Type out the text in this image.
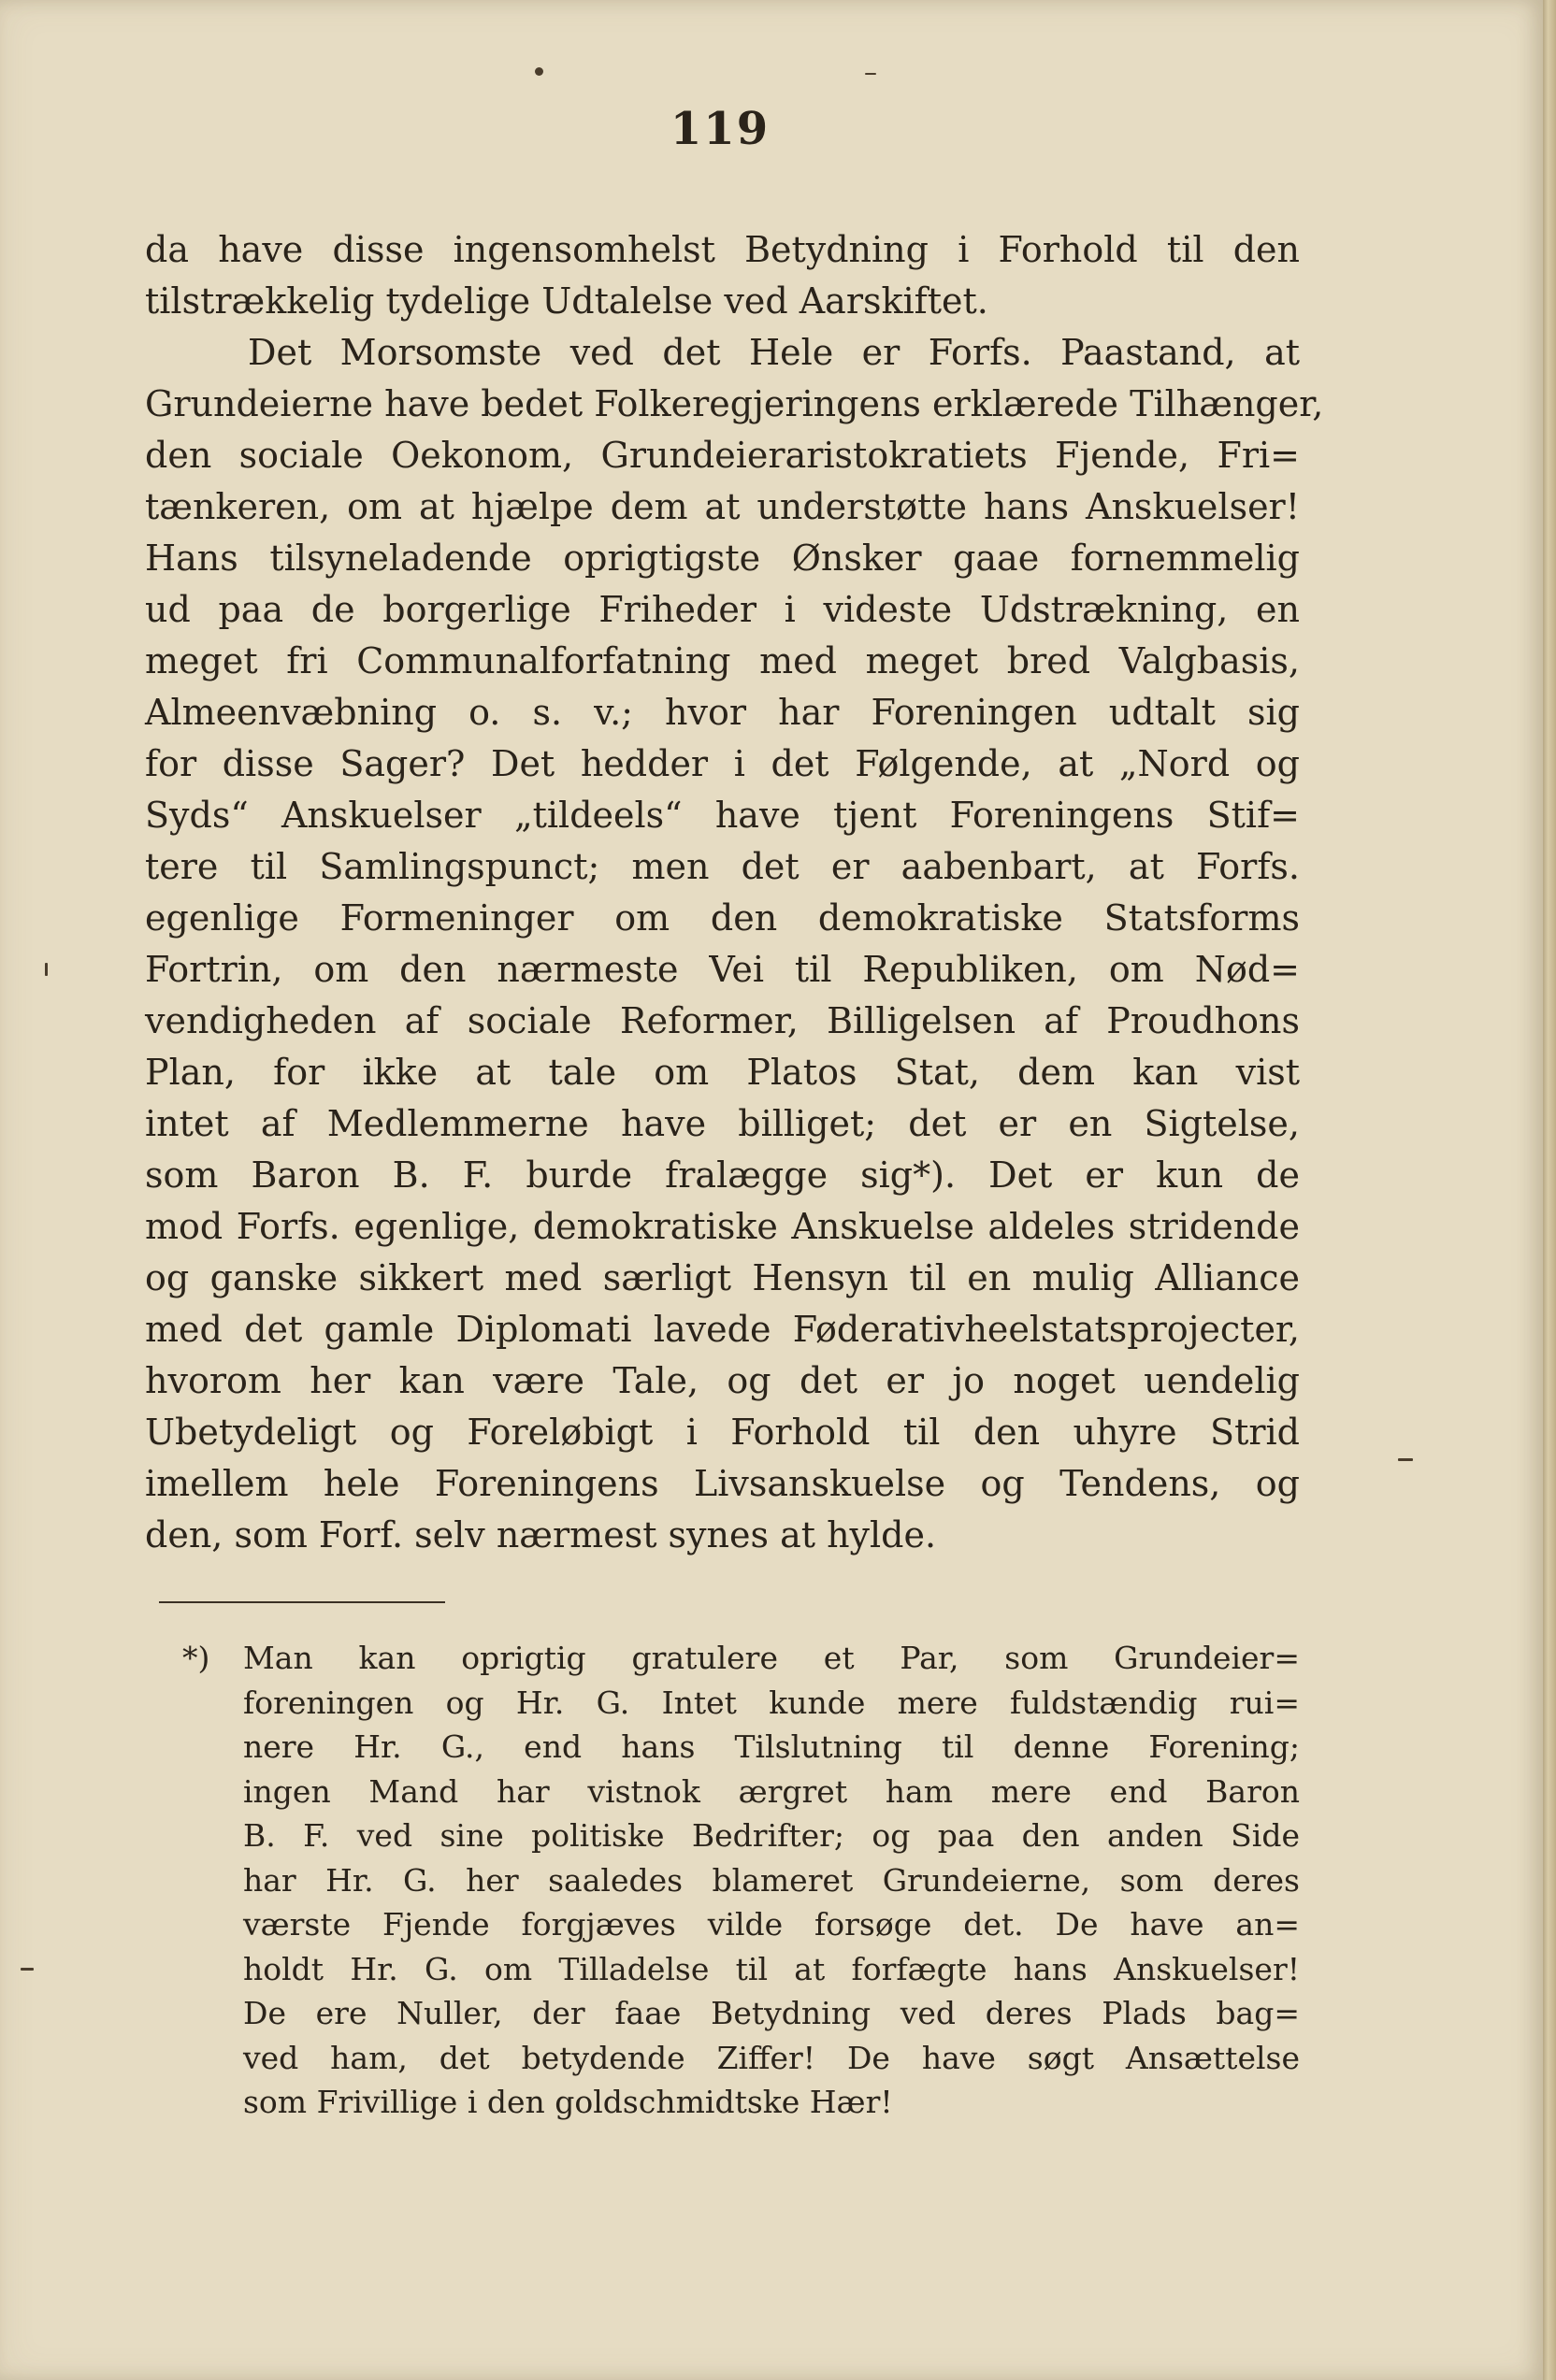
119
da have disse ingensomhelst Betydning i Forhold til den
tilstrækkelig tydelige Udtalelse ved Aarskiftet.
Det Morsomste ved det Hele er Forfs. Paastand, at
Grundeierne have bedet Folkeregjeringens erklærede Tilhænger,
den sociale Oekonom, Grundeieraristokratiets Fjende, Fri=
tænkeren, om at hjælpe dem at understøtte hans Anskuelser!
Hans tilsyneladende oprigtigste Ønsker gaae fornemmelig
ud paa de borgerlige Friheder i videste Udstrækning, en
meget fri Communalforfatning med meget bred Valgbasis,
Almeenvæbning o. s. v.; hvor har Foreningen udtalt sig
for disse Sager? Det hedder i det Følgende, at „Nord og
Syds“ Anskuelser „tildeels“ have tjent Foreningens Stif=
tere til Samlingspunct; men det er aabenbart, at Forfs.
egenlige Formeninger om den demokratiske Statsforms
Fortrin, om den nærmeste Vei til Republiken, om Nød=
vendigheden af sociale Reformer, Billigelsen af Proudhons
Plan, for ikke at tale om Platos Stat, dem kan vist
intet af Medlemmerne have billiget; det er en Sigtelse,
som Baron B. F. burde fralægge sig*). Det er kun de
mod Forfs. egenlige, demokratiske Anskuelse aldeles stridende
og ganske sikkert med særligt Hensyn til en mulig Alliance
med det gamle Diplomati lavede Føderativheelstatsprojecter,
hvorom her kan være Tale, og det er jo noget uendelig
Ubetydeligt og Foreløbigt i Forhold til den uhyre Strid
imellem hele Foreningens Livsanskuelse og Tendens, og
den, som Forf. selv nærmest synes at hylde.
*) Man kan oprigtig gratulere et Par, som Grundeier=
foreningen og Hr. G. Intet kunde mere fuldstændig rui=
nere Hr. G., end hans Tilslutning til denne Forening;
ingen Mand har vistnok ærgret ham mere end Baron
B. F. ved sine politiske Bedrifter; og paa den anden Side
har Hr. G. her saaledes blameret Grundeierne, som deres
værste Fjende forgjæves vilde forsøge det. De have an=
holdt Hr. G. om Tilladelse til at forfægte hans Anskuelser!
De ere Nuller, der faae Betydning ved deres Plads bag=
ved ham, det betydende Ziffer! De have søgt Ansættelse
som Frivillige i den goldschmidtske Hær!
